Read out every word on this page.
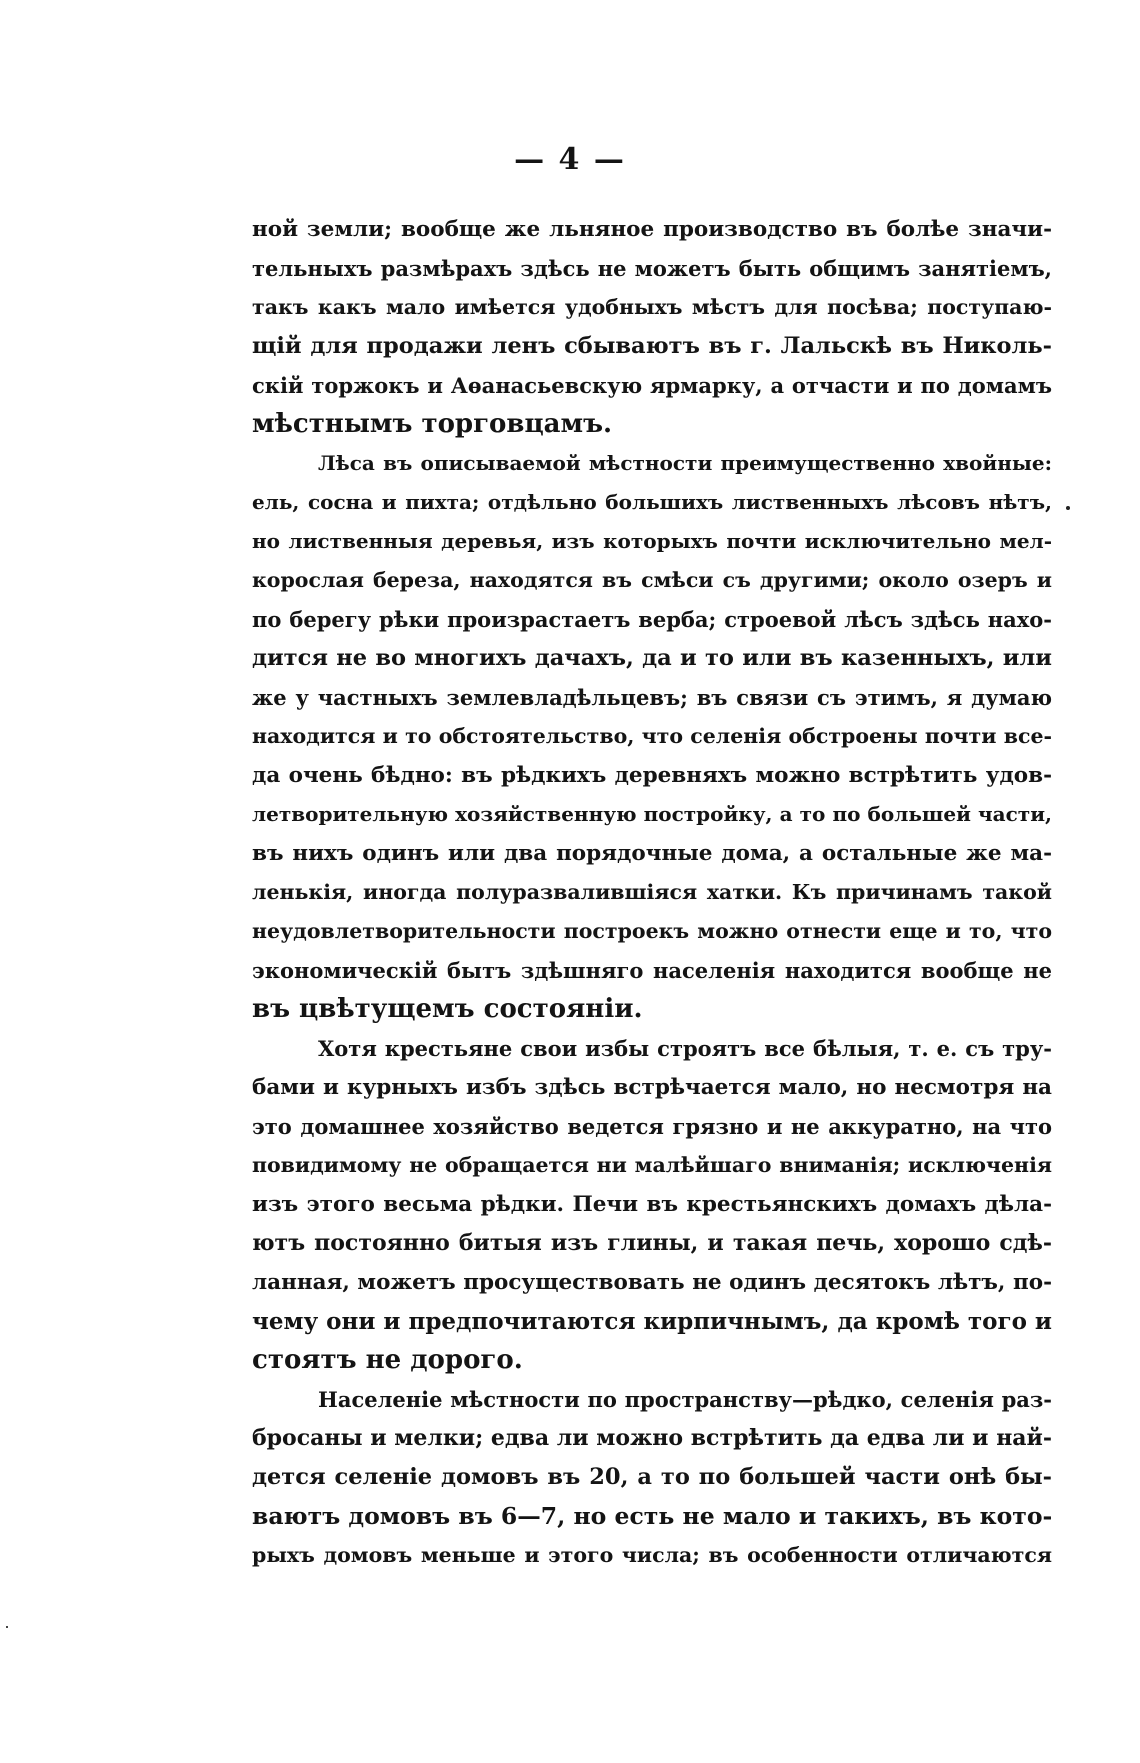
— 4 —
ной земли; вообще же льняное производство въ болѣе значи-
тельныхъ размѣрахъ здѣсь не можетъ быть общимъ занятіемъ,
такъ какъ мало имѣется удобныхъ мѣстъ для посѣва; поступаю-
щій для продажи ленъ сбываютъ въ г. Лальскѣ въ Николь-
скій торжокъ и Аѳанасьевскую ярмарку, а отчасти и по домамъ
мѣстнымъ торговцамъ.
Лѣса въ описываемой мѣстности преимущественно хвойные:
ель, сосна и пихта; отдѣльно большихъ лиственныхъ лѣсовъ нѣтъ,
но лиственныя деревья, изъ которыхъ почти исключительно мел-
корослая береза, находятся въ смѣси съ другими; около озеръ и
по берегу рѣки произрастаетъ верба; строевой лѣсъ здѣсь нахо-
дится не во многихъ дачахъ, да и то или въ казенныхъ, или
же у частныхъ землевладѣльцевъ; въ связи съ этимъ, я думаю
находится и то обстоятельство, что селенія обстроены почти все-
да очень бѣдно: въ рѣдкихъ деревняхъ можно встрѣтить удов-
летворительную хозяйственную постройку, а то по большей части,
въ нихъ одинъ или два порядочные дома, а остальные же ма-
ленькія, иногда полуразвалившіяся хатки. Къ причинамъ такой
неудовлетворительности построекъ можно отнести еще и то, что
экономическій бытъ здѣшняго населенія находится вообще не
въ цвѣтущемъ состояніи.
Хотя крестьяне свои избы строятъ все бѣлыя, т. е. съ тру-
бами и курныхъ избъ здѣсь встрѣчается мало, но несмотря на
это домашнее хозяйство ведется грязно и не аккуратно, на что
повидимому не обращается ни малѣйшаго вниманія; исключенія
изъ этого весьма рѣдки. Печи въ крестьянскихъ домахъ дѣла-
ютъ постоянно битыя изъ глины, и такая печь, хорошо сдѣ-
ланная, можетъ просуществовать не одинъ десятокъ лѣтъ, по-
чему они и предпочитаются кирпичнымъ, да кромѣ того и
стоятъ не дорого.
Населеніе мѣстности по пространству—рѣдко, селенія раз-
бросаны и мелки; едва ли можно встрѣтить да едва ли и най-
дется селеніе домовъ въ 20, а то по большей части онѣ бы-
ваютъ домовъ въ 6—7, но есть не мало и такихъ, въ кото-
рыхъ домовъ меньше и этого числа; въ особенности отличаются
